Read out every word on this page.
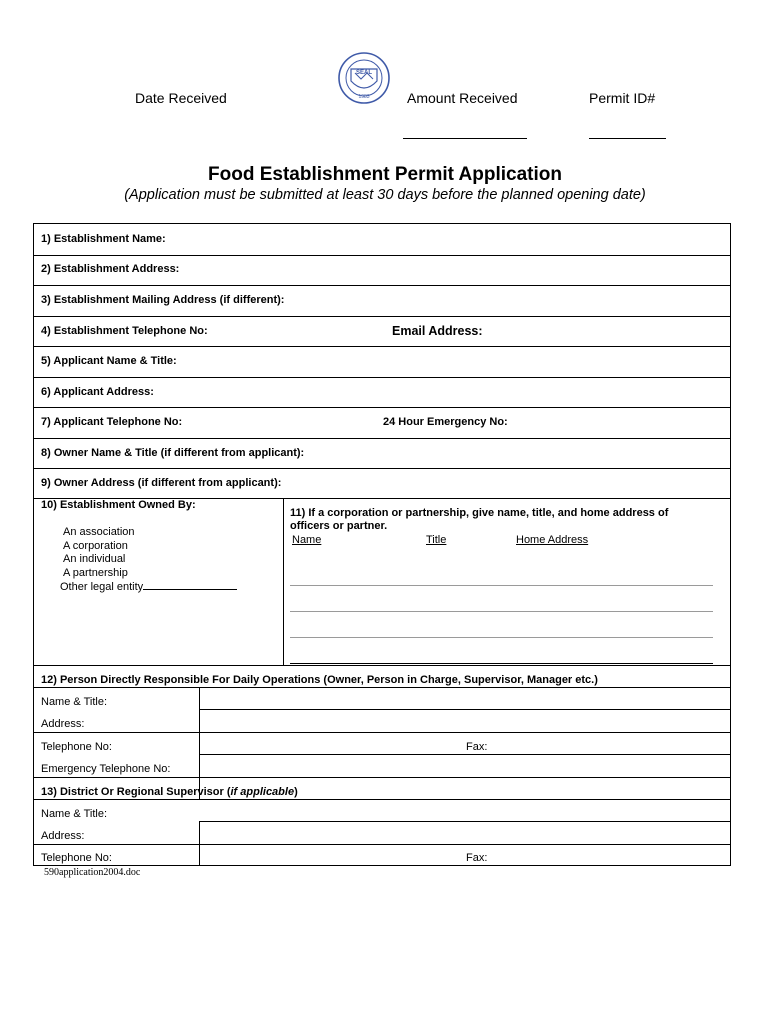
Date Received
SEAL
1983	Amount Received	Permit ID#
Food Establishment Permit Application
(Application must be submitted at least 30 days before the planned opening date)
1) Establishment Name:
2) Establishment Address:
3) Establishment Mailing Address (if different):
4) Establishment Telephone No:	Email Address:
5) Applicant Name & Title:
6) Applicant Address:
7) Applicant Telephone No:	24 Hour Emergency No:
8) Owner Name & Title (if different from applicant):
9) Owner Address (if different from applicant):
10) Establishment Owned By:
An association
A corporation
An individual
A partnership
Other legal entity
11) If a corporation or partnership, give name, title, and home address of
officers or partner.
Name	Title	Home Address
12) Person Directly Responsible For Daily Operations (Owner, Person in Charge, Supervisor, Manager etc.)
Name & Title:
Address:
Telephone No:	Fax:
Emergency Telephone No:
13) District Or Regional Supervisor (if applicable)
Name & Title:
Address:
Telephone No:	Fax:
590application2004.doc
